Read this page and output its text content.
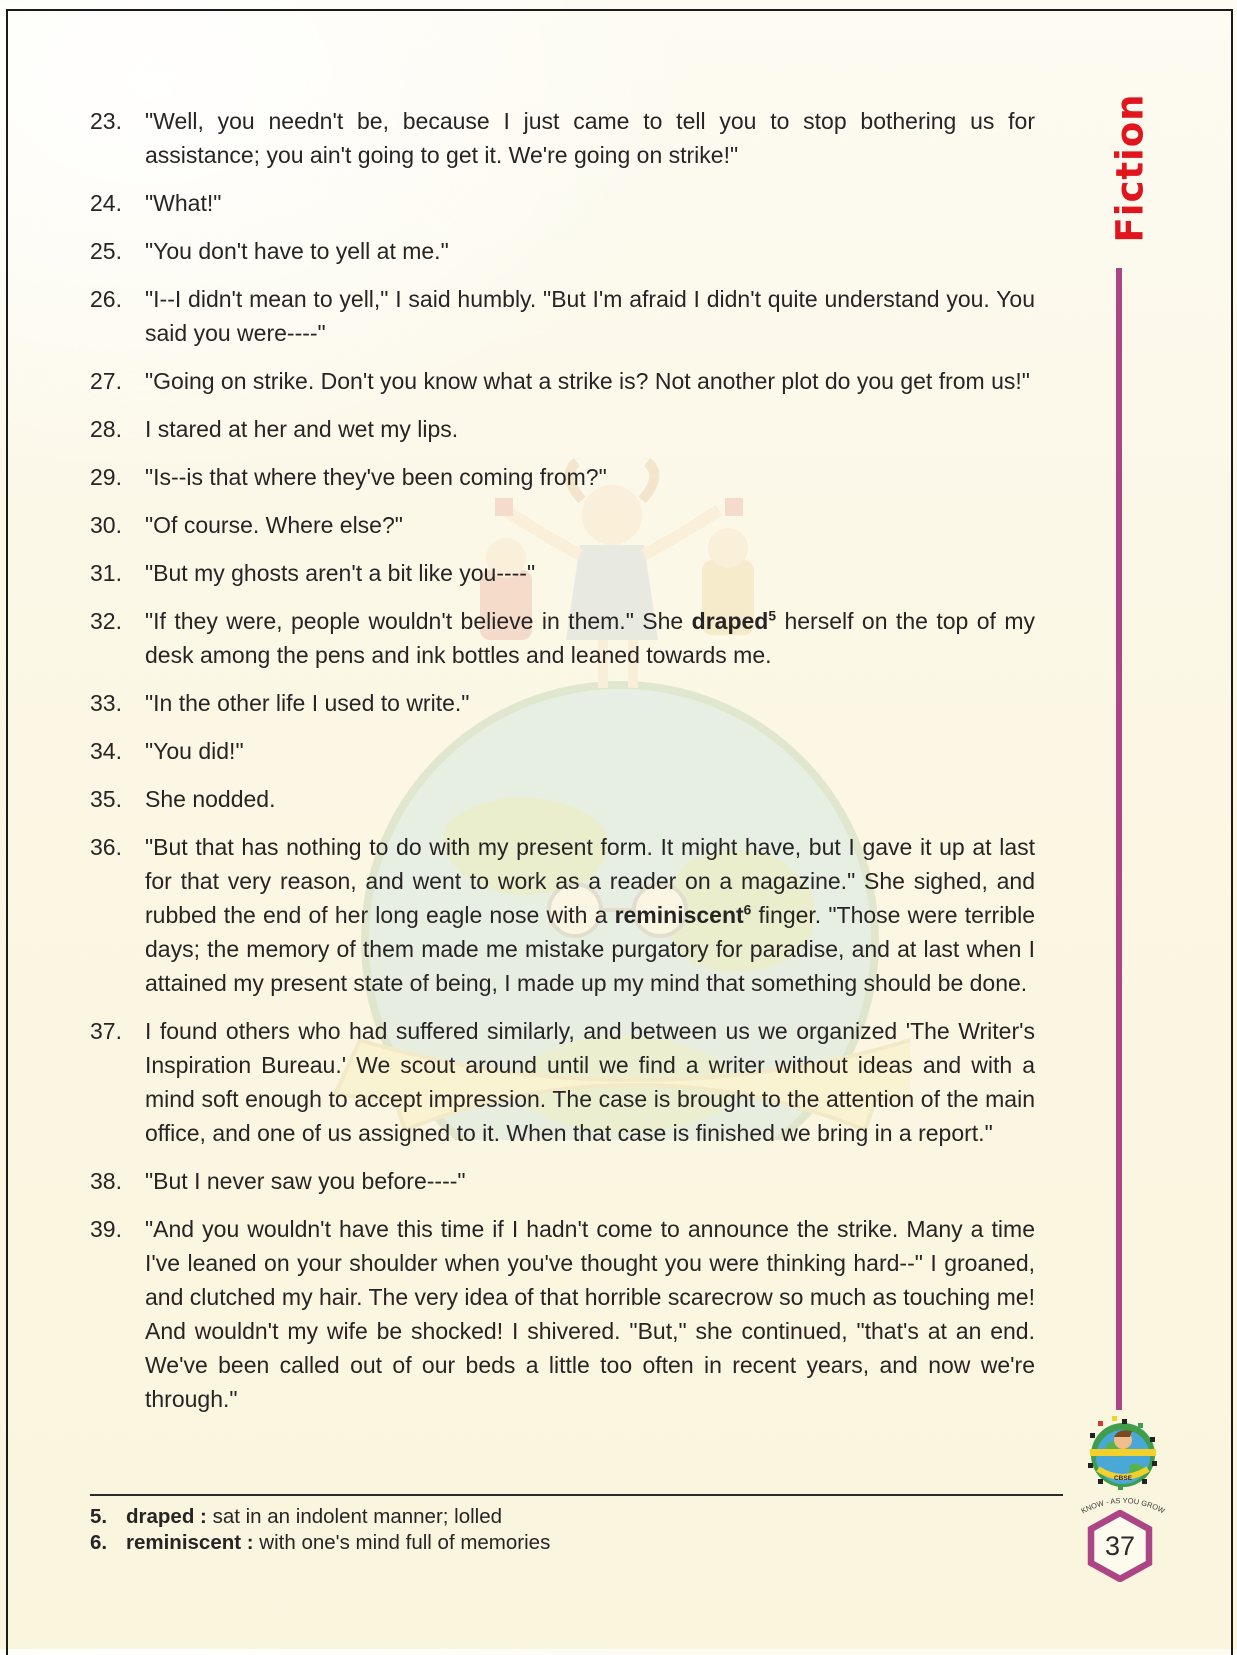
23.	"Well, you needn't be, because I just came to tell you to stop bothering us for assistance; you ain't going to get it. We're going on strike!"
24.	"What!"
25.	"You don't have to yell at me."
26.	"I--I didn't mean to yell," I said humbly. "But I'm afraid I didn't quite understand you. You said you were----"
27.	"Going on strike. Don't you know what a strike is? Not another plot do you get from us!"
28.	I stared at her and wet my lips.
29.	"Is--is that where they've been coming from?"
30.	"Of course. Where else?"
31.	"But my ghosts aren't a bit like you----"
32.	"If they were, people wouldn't believe in them." She draped$^5$ herself on the top of my desk among the pens and ink bottles and leaned towards me.
33.	"In the other life I used to write."
34.	"You did!"
35.	She nodded.
36.	"But that has nothing to do with my present form. It might have, but I gave it up at last for that very reason, and went to work as a reader on a magazine." She sighed, and rubbed the end of her long eagle nose with a reminiscent$^6$ finger. "Those were terrible days; the memory of them made me mistake purgatory for paradise, and at last when I attained my present state of being, I made up my mind that something should be done.
37.	I found others who had suffered similarly, and between us we organized 'The Writer's Inspiration Bureau.' We scout around until we find a writer without ideas and with a mind soft enough to accept impression. The case is brought to the attention of the main office, and one of us assigned to it. When that case is finished we bring in a report."
38.	"But I never saw you before----"
39.	"And you wouldn't have this time if I hadn't come to announce the strike. Many a time I've leaned on your shoulder when you've thought you were thinking hard--" I groaned, and clutched my hair. The very idea of that horrible scarecrow so much as touching me! And wouldn't my wife be shocked! I shivered. "But," she continued, "that's at an end. We've been called out of our beds a little too often in recent years, and now we're through."
Fiction
CBSE
KNOW - AS YOU GROW
37
5. draped : sat in an indolent manner; lolled
6. reminiscent : with one's mind full of memories
